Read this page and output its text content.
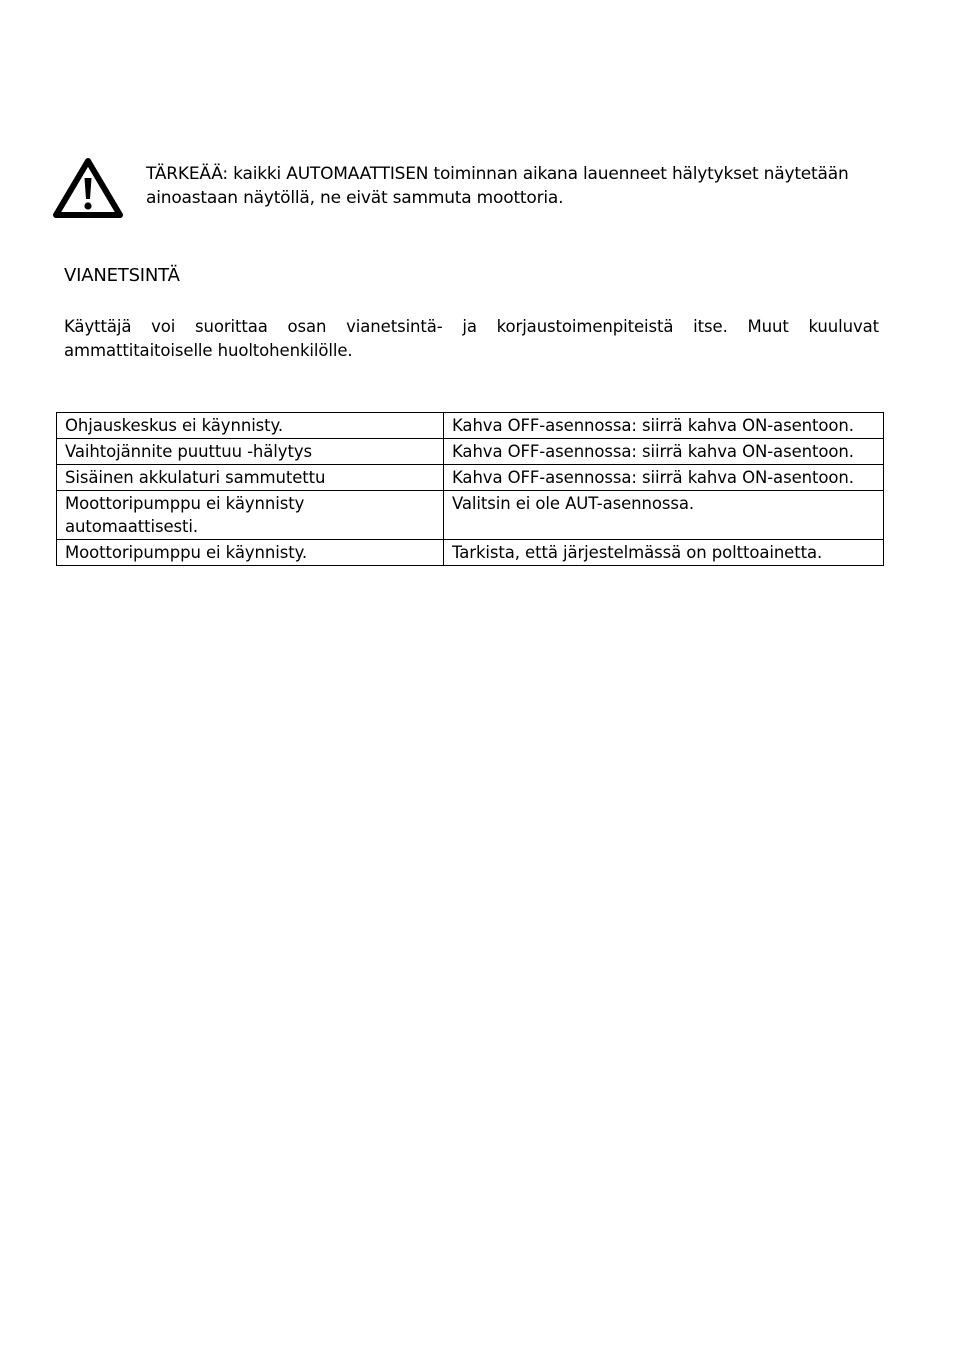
TÄRKEÄÄ: kaikki AUTOMAATTISEN toiminnan aikana lauenneet hälytykset näytetään ainoastaan näytöllä, ne eivät sammuta moottoria.
VIANETSINTÄ
Käyttäjä voi suorittaa osan vianetsintä- ja korjaustoimenpiteistä itse. Muut kuuluvat ammattitaitoiselle huoltohenkilölle.
Ohjauskeskus ei käynnisty.	Kahva OFF-asennossa: siirrä kahva ON-asentoon.
Vaihtojännite puuttuu -hälytys	Kahva OFF-asennossa: siirrä kahva ON-asentoon.
Sisäinen akkulaturi sammutettu	Kahva OFF-asennossa: siirrä kahva ON-asentoon.
Moottoripumppu ei käynnisty automaattisesti.	Valitsin ei ole AUT-asennossa.
Moottoripumppu ei käynnisty.	Tarkista, että järjestelmässä on polttoainetta.
